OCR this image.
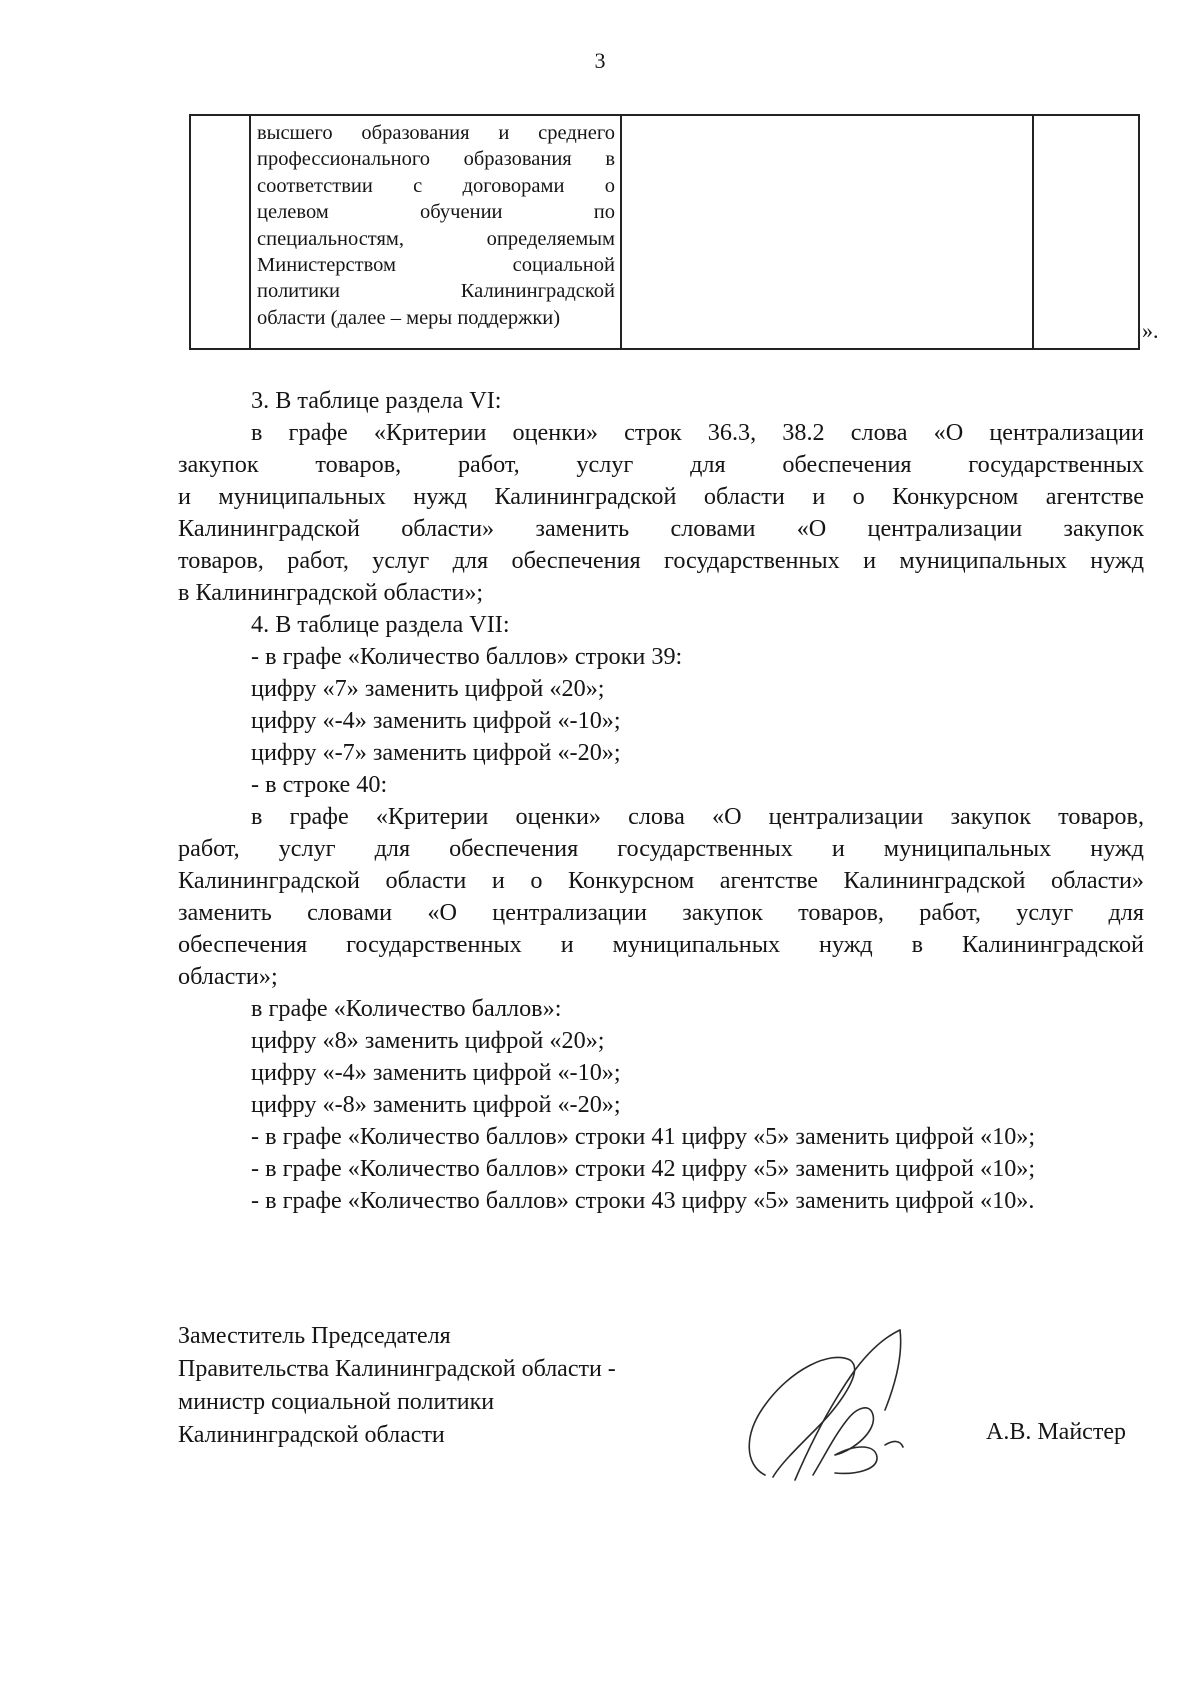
3
высшего образования и среднего
профессионального образования в
соответствии с договорами о
целевом обучении по
специальностям, определяемым
Министерством социальной
политики Калининградской
области (далее – меры поддержки)
».
3. В таблице раздела VI:
в графе «Критерии оценки» строк 36.3, 38.2 слова «О централизации
закупок товаров, работ, услуг для обеспечения государственных
и муниципальных нужд Калининградской области и о Конкурсном агентстве
Калининградской области» заменить словами «О централизации закупок
товаров, работ, услуг для обеспечения государственных и муниципальных нужд
в Калининградской области»;
4. В таблице раздела VII:
- в графе «Количество баллов» строки 39:
цифру «7» заменить цифрой «20»;
цифру «-4» заменить цифрой «-10»;
цифру «-7» заменить цифрой «-20»;
- в строке 40:
в графе «Критерии оценки» слова «О централизации закупок товаров,
работ, услуг для обеспечения государственных и муниципальных нужд
Калининградской области и о Конкурсном агентстве Калининградской области»
заменить словами «О централизации закупок товаров, работ, услуг для
обеспечения государственных и муниципальных нужд в Калининградской
области»;
в графе «Количество баллов»:
цифру «8» заменить цифрой «20»;
цифру «-4» заменить цифрой «-10»;
цифру «-8» заменить цифрой «-20»;
- в графе «Количество баллов» строки 41 цифру «5» заменить цифрой «10»;
- в графе «Количество баллов» строки 42 цифру «5» заменить цифрой «10»;
- в графе «Количество баллов» строки 43 цифру «5» заменить цифрой «10».
Заместитель Председателя
Правительства Калининградской области -
министр социальной политики
Калининградской области	А.В. Майстер
